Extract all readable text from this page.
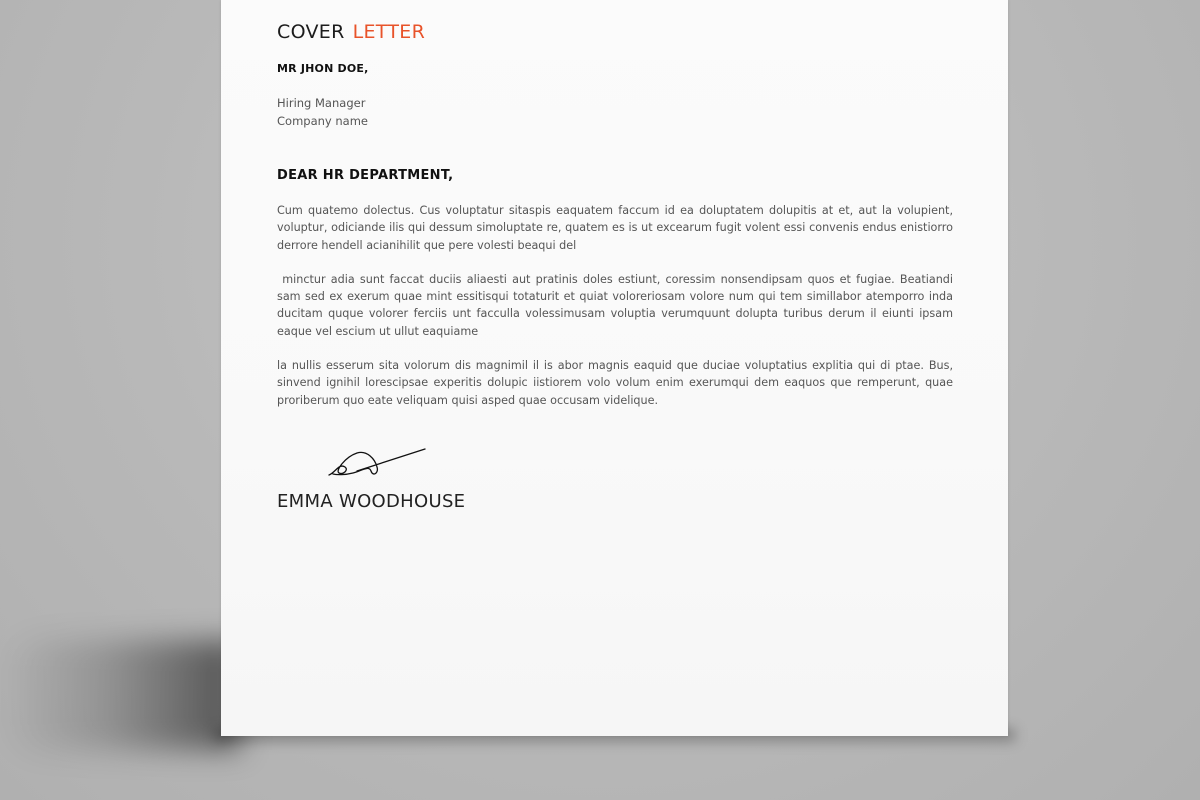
COVER LETTER
MR JHON DOE,
Hiring Manager
Company name
DEAR HR DEPARTMENT,

Cum quatemo dolectus. Cus voluptatur sitaspis eaquatem faccum id ea doluptatem dolupitis at et, aut la volupient, voluptur, odiciande ilis qui dessum simoluptate re, quatem es is ut excearum fugit volent essi convenis endus enistiorro derrore hendell acianihilit que pere volesti beaqui del

minctur adia sunt faccat duciis aliaesti aut pratinis doles estiunt, coressim nonsendipsam quos et fugiae. Beatiandi sam sed ex exerum quae mint essitisqui totaturit et quiat voloreriosam volore num qui tem simillabor atemporro inda ducitam quque volorer ferciis unt facculla volessimusam voluptia verumquunt dolupta turibus derum il eiunti ipsam eaque vel escium ut ullut eaquiame

la nullis esserum sita volorum dis magnimil il is abor magnis eaquid que duciae voluptatius explitia qui di ptae. Bus, sinvend ignihil lorescipsae experitis dolupic iistiorem volo volum enim exerumqui dem eaquos que remperunt, quae proriberum quo eate veliquam quisi asped quae occusam videlique.

EMMA WOODHOUSE
